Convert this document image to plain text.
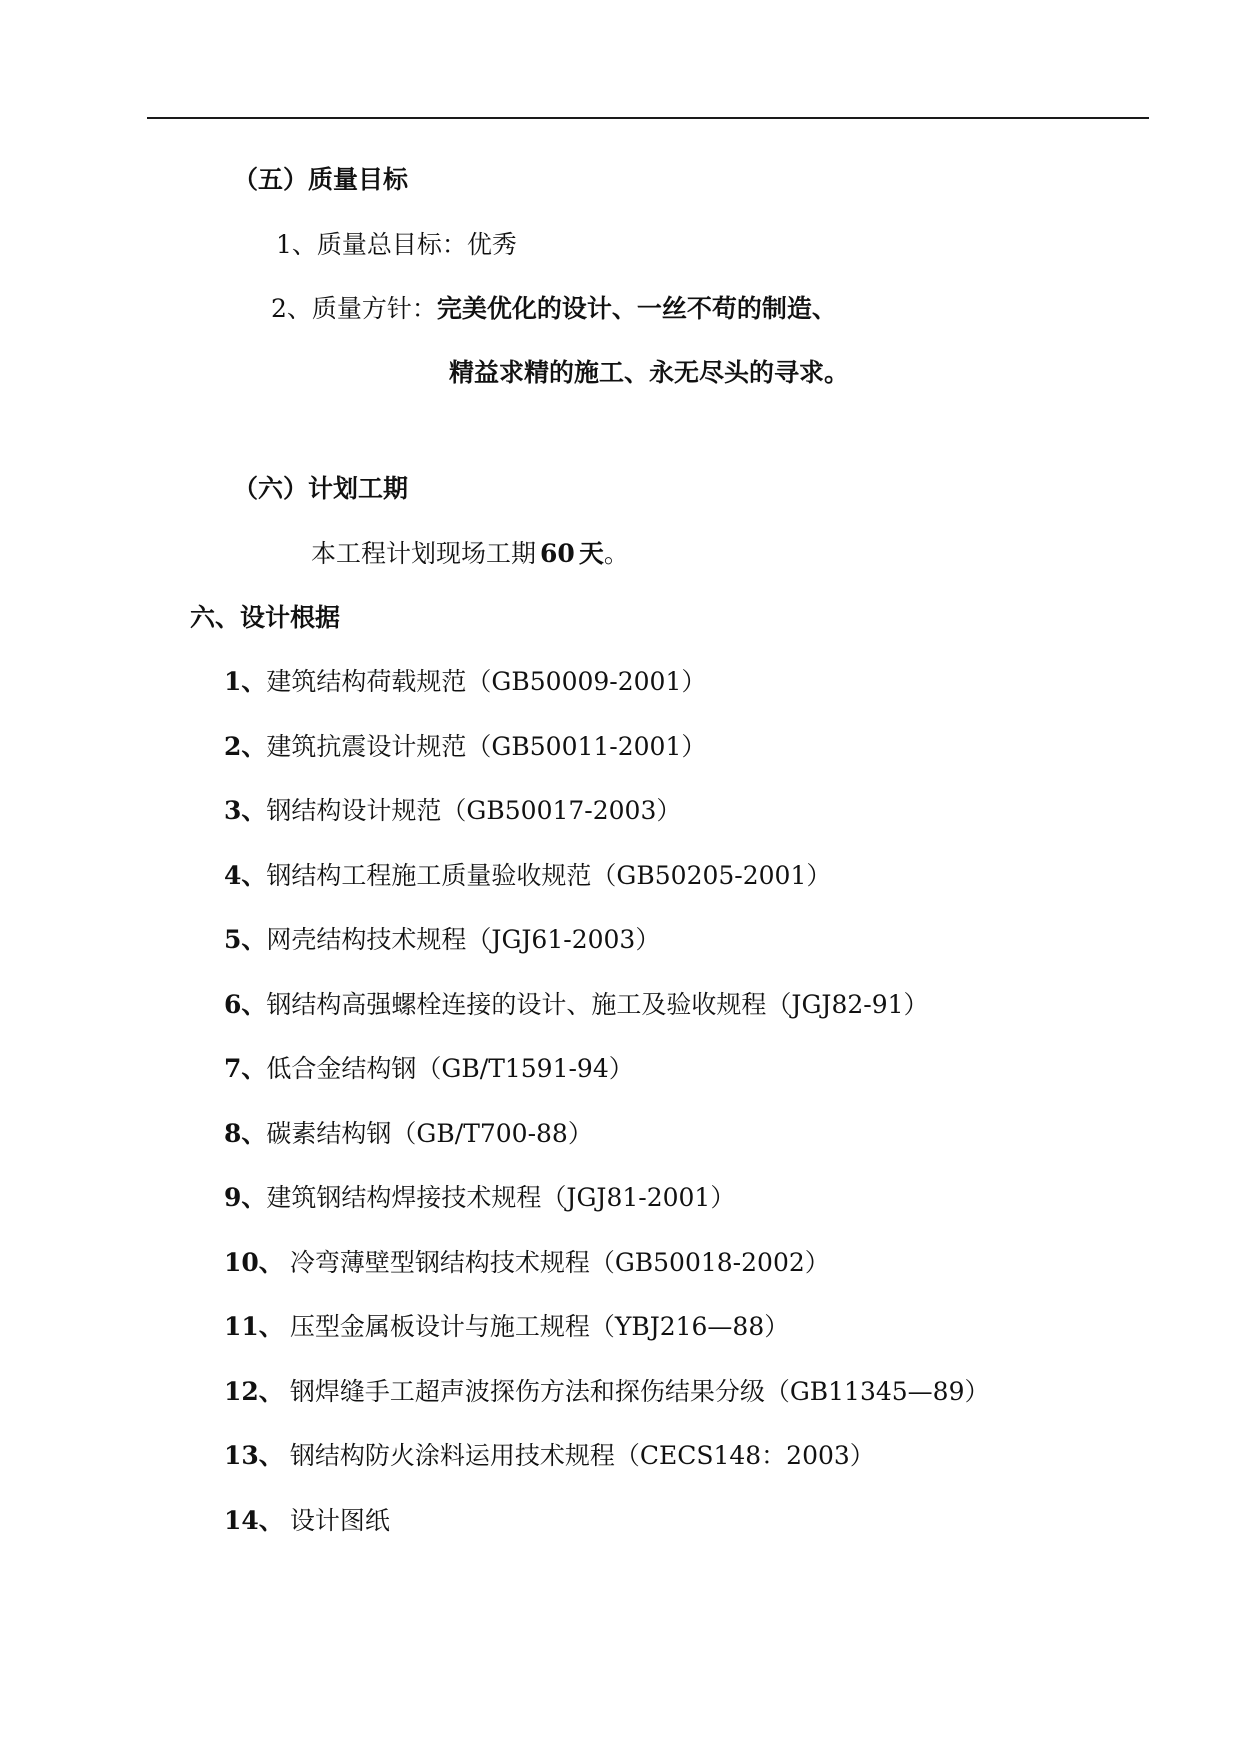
（五）质量目标
1、质量总目标：优秀
2、质量方针：完美优化的设计、一丝不苟的制造、
精益求精的施工、永无尽头的寻求。
（六）计划工期
本工程计划现场工期 60 天。
六、设计根据
1、建筑结构荷载规范（GB50009-2001）
2、建筑抗震设计规范（GB50011-2001）
3、钢结构设计规范（GB50017-2003）
4、钢结构工程施工质量验收规范（GB50205-2001）
5、网壳结构技术规程（JGJ61-2003）
6、钢结构高强螺栓连接的设计、施工及验收规程（JGJ82-91）
7、低合金结构钢（GB/T1591-94）
8、碳素结构钢（GB/T700-88）
9、建筑钢结构焊接技术规程（JGJ81-2001）
10、 冷弯薄壁型钢结构技术规程（GB50018-2002）
11、 压型金属板设计与施工规程（YBJ216—88）
12、 钢焊缝手工超声波探伤方法和探伤结果分级（GB11345—89）
13、 钢结构防火涂料运用技术规程（CECS148：2003）
14、 设计图纸
